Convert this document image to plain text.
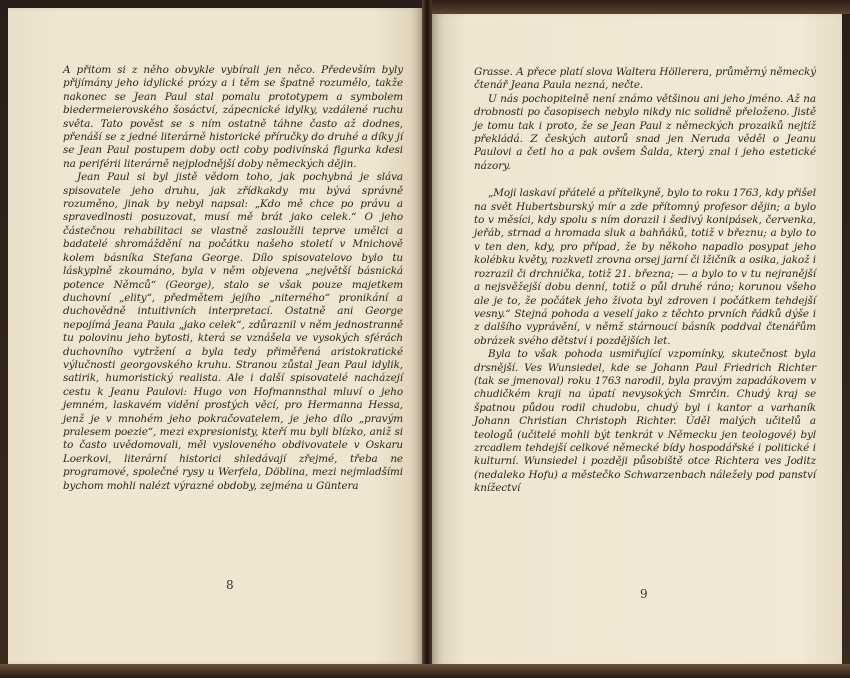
A přitom si z něho obvykle vybírali jen něco. Především byly přijímány jeho idylické prózy a i těm se špatně rozumělo, takže nakonec se Jean Paul stal pomalu prototypem a symbolem biedermeierovského šosáctví, zápecnické idylky, vzdálené ruchu světa. Tato pověst se s ním ostatně táhne často až dodnes, přenáší se z jedné literárně historické příručky do druhé a díky jí se Jean Paul postupem doby octl coby podivínská figurka kdesi na periférii literárně nejplodnější doby německých dějin.

Jean Paul si byl jistě vědom toho, jak pochybná je sláva spisovatele jeho druhu, jak zřídkakdy mu bývá správně rozuměno, jinak by nebyl napsal: „Kdo mě chce po právu a spravedlnosti posuzovat, musí mě brát jako celek.“ O jeho částečnou rehabilitaci se vlastně zasloužili teprve umělci a badatelé shromáždění na počátku našeho století v Mnichově kolem básníka Stefana George. Dílo spisovatelovo bylo tu láskyplně zkoumáno, byla v něm objevena „největší básnická potence Němců“ (George), stalo se však pouze majetkem duchovní „elity“, předmětem jejího „niterného“ pronikání a duchovědně intuitivních interpretací. Ostatně ani George nepojímá Jeana Paula „jako celek“, zdůraznil v něm jednostranně tu polovinu jeho bytosti, která se vznášela ve vysokých sférách duchovního vytržení a byla tedy přiměřená aristokratické výlučnosti georgovského kruhu. Stranou zůstal Jean Paul idylik, satirik, humoristický realista. Ale i další spisovatelé nacházejí cestu k Jeanu Paulovi: Hugo von Hofmannsthal mluví o jeho jemném, laskavém vidění prostých věcí, pro Hermanna Hessa, jenž je v mnohém jeho pokračovatelem, je jeho dílo „pravým pralesem poezie“, mezi expresionisty, kteří mu byli blízko, aniž si to často uvědomovali, měl vysloveného obdivovatele v Oskaru Loerkovi, literární historici shledávají zřejmé, třeba ne programové, společné rysy u Werfela, Döblina, mezi nejmladšími bychom mohli nalézt výrazné obdoby, zejména u Güntera

8

Grasse. A přece platí slova Waltera Höllerera, průměrný německý čtenář Jeana Paula nezná, nečte.

U nás pochopitelně není známo většinou ani jeho jméno. Až na drobnosti po časopisech nebylo nikdy nic solidně přeloženo. Jistě je tomu tak i proto, že se Jean Paul z německých prozaiků nejtíž překládá. Z českých autorů snad jen Neruda věděl o Jeanu Paulovi a četl ho a pak ovšem Šalda, který znal i jeho estetické názory.

„Moji laskaví přátelé a přítelkyně, bylo to roku 1763, kdy přišel na svět Hubertsburský mír a zde přítomný profesor dějin; a bylo to v měsíci, kdy spolu s ním dorazil i šedivý konipásek, červenka, jeřáb, strnad a hromada sluk a bahňáků, totiž v březnu; a bylo to v ten den, kdy, pro případ, že by někoho napadlo posypat jeho kolébku květy, rozkvetl zrovna orsej jarní či lžičník a osika, jakož i rozrazil či drchnička, totiž 21. března; — a bylo to v tu nejranější a nejsvěžejší dobu denní, totiž o půl druhé ráno; korunou všeho ale je to, že počátek jeho života byl zdroven i počátkem tehdejší vesny.“ Stejná pohoda a veselí jako z těchto prvních řádků dýše i z dalšího vyprávění, v němž stárnoucí básník poddval čtenářům obrázek svého dětství i pozdějších let.

Byla to však pohoda usmiřující vzpomínky, skutečnost byla drsnější. Ves Wunsiedel, kde se Johann Paul Friedrich Richter (tak se jmenoval) roku 1763 narodil, byla pravým zapadákovem v chudičkém kraji na úpatí nevysokých Smrčin. Chudý kraj se špatnou půdou rodil chudobu, chudý byl i kantor a varhaník Johann Christian Christoph Richter. Úděl malých učitelů a teologů (učitelé mohli být tenkrát v Německu jen teologové) byl zrcadlem tehdejší celkové německé bídy hospodářské i politické i kulturní. Wunsiedel i později působiště otce Richtera ves Joditz (nedaleko Hofu) a městečko Schwarzenbach náležely pod panství knížectví

9
